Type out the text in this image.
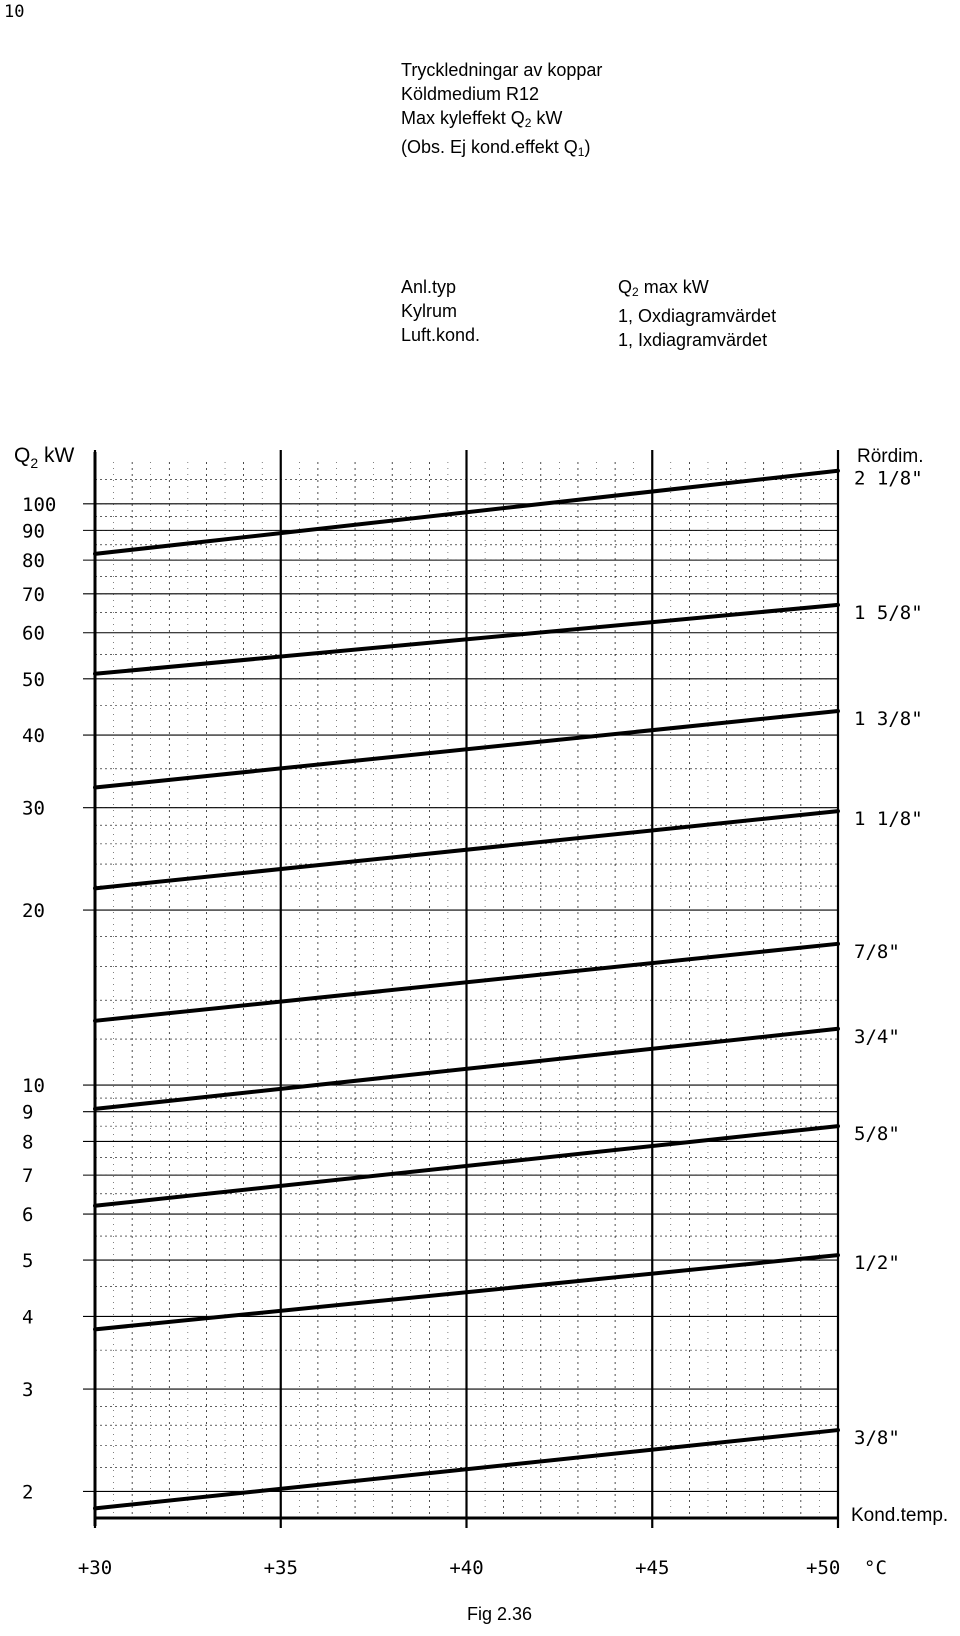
10
Tryckledningar av koppar
Köldmedium R12
Max kyleffekt $Q_2$ kW
(Obs. Ej kond.effekt $Q_1$)
Anl.typ
Kylrum
Luft.kond.
$Q_2$ max kW
1, Oxdiagramvärdet
1, Ixdiagramvärdet
2 1/8"
1 5/8"
1 3/8"
1 1/8"
7/8"
3/4"
5/8"
1/2"
3/8"
100
90
80
70
60
50
40
30
20
10
9
8
7
6
5
4
3
2
+30	+35	+40	+45	+50 °C
$Q_2$ kW	Rördim.
Kond.temp.
Fig 2.36
